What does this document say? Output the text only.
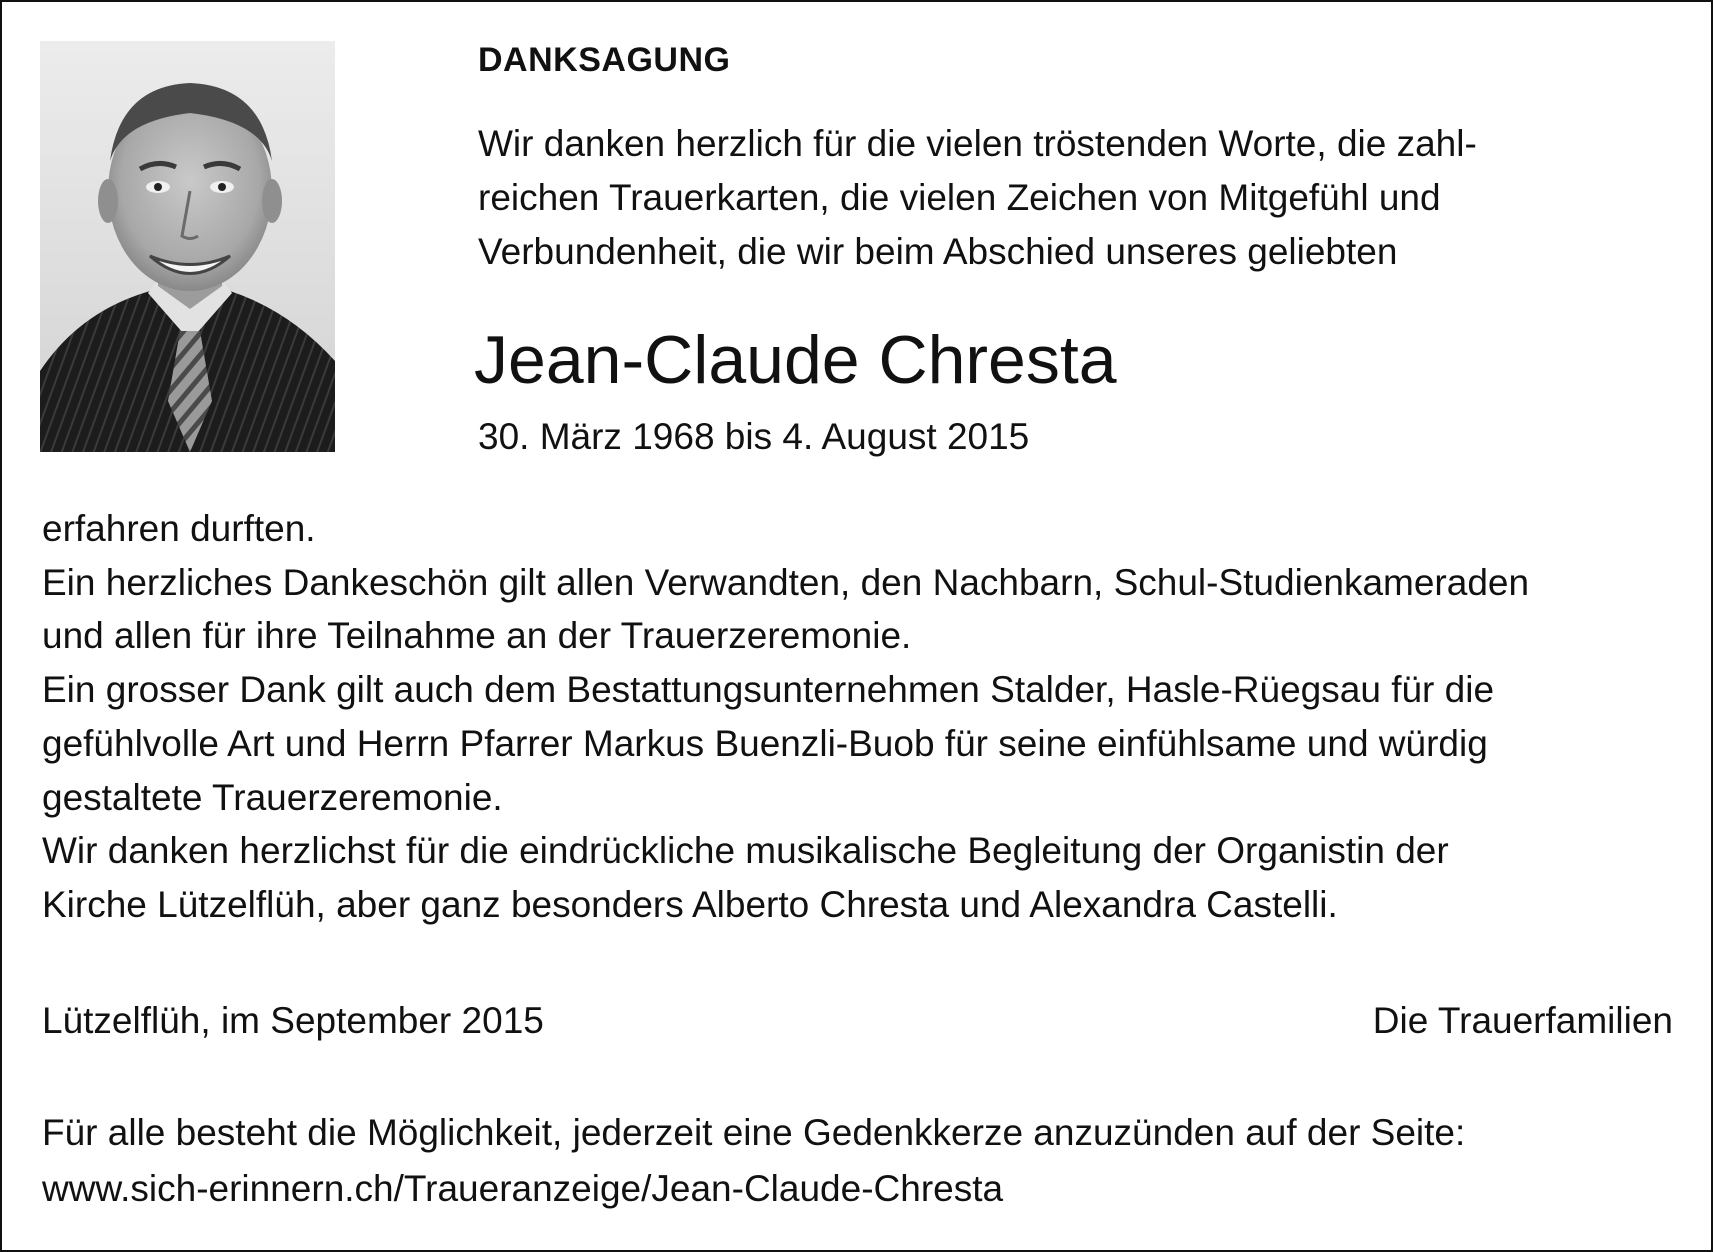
DANKSAGUNG
Wir danken herzlich für die vielen tröstenden Worte, die zahl-
reichen Trauerkarten, die vielen Zeichen von Mitgefühl und
Verbundenheit, die wir beim Abschied unseres geliebten
Jean-Claude Chresta
30. März 1968 bis 4. August 2015
erfahren durften.
Ein herzliches Dankeschön gilt allen Verwandten, den Nachbarn, Schul-Studienkameraden
und allen für ihre Teilnahme an der Trauerzeremonie.
Ein grosser Dank gilt auch dem Bestattungsunternehmen Stalder, Hasle-Rüegsau für die
gefühlvolle Art und Herrn Pfarrer Markus Buenzli-Buob für seine einfühlsame und würdig
gestaltete Trauerzeremonie.
Wir danken herzlichst für die eindrückliche musikalische Begleitung der Organistin der
Kirche Lützelflüh, aber ganz besonders Alberto Chresta und Alexandra Castelli.
Lützelflüh, im September 2015	Die Trauerfamilien
Für alle besteht die Möglichkeit, jederzeit eine Gedenkkerze anzuzünden auf der Seite:
www.sich-erinnern.ch/Traueranzeige/Jean-Claude-Chresta
